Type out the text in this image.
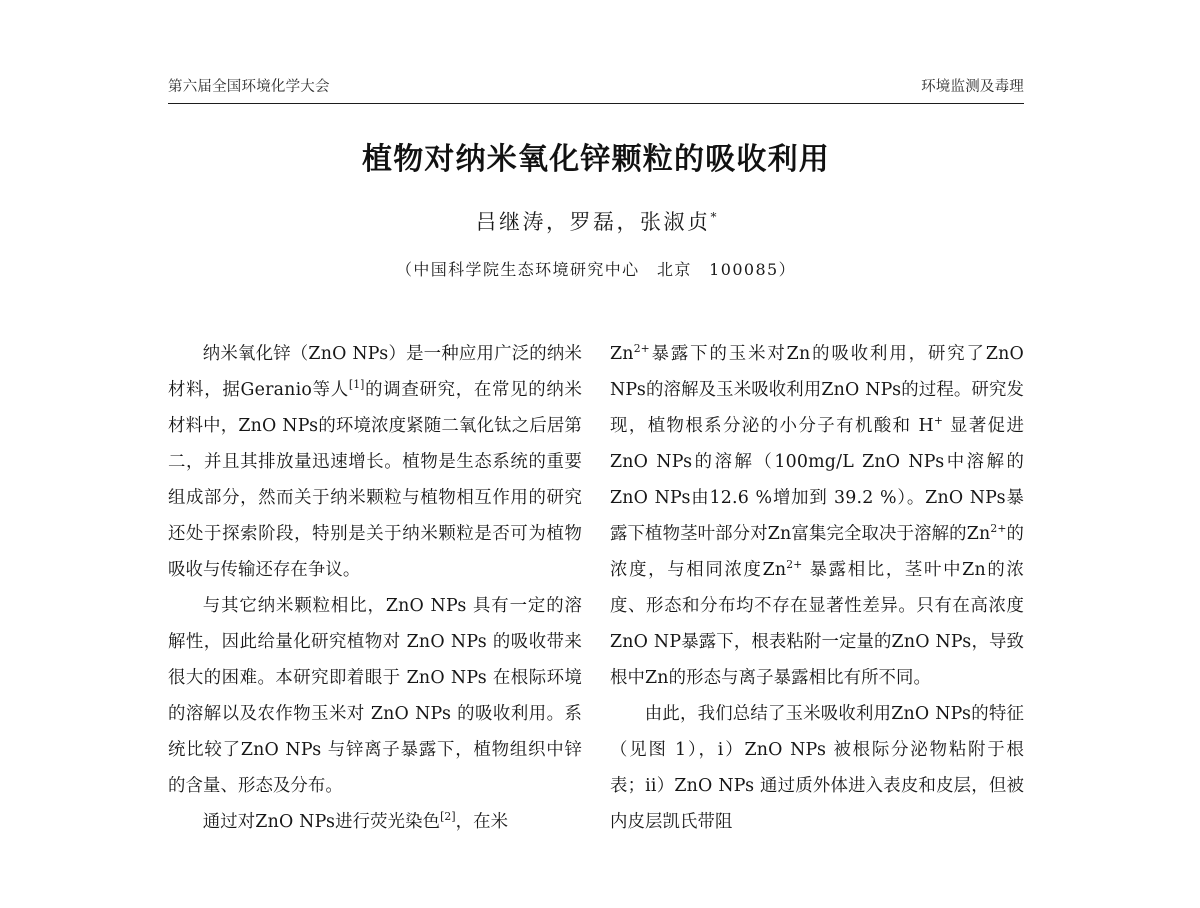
第六届全国环境化学大会	环境监测及毒理
植物对纳米氧化锌颗粒的吸收利用
吕继涛，罗磊，张淑贞*
（中国科学院生态环境研究中心　北京　100085）

纳米氧化锌（ZnO NPs）是一种应用广泛的纳米材料，据Geranio等人[1]的调查研究，在常见的纳米材料中，ZnO NPs的环境浓度紧随二氧化钛之后居第二，并且其排放量迅速增长。植物是生态系统的重要组成部分，然而关于纳米颗粒与植物相互作用的研究还处于探索阶段，特别是关于纳米颗粒是否可为植物吸收与传输还存在争议。

与其它纳米颗粒相比，ZnO NPs 具有一定的溶解性，因此给量化研究植物对 ZnO NPs 的吸收带来很大的困难。本研究即着眼于 ZnO NPs 在根际环境的溶解以及农作物玉米对 ZnO NPs 的吸收利用。系统比较了ZnO NPs 与锌离子暴露下，植物组织中锌的含量、形态及分布。

通过对ZnO NPs进行荧光染色[2]，在米

$Zn^{2+}$暴露下的玉米对Zn的吸收利用，研究了ZnO NPs的溶解及玉米吸收利用ZnO NPs的过程。研究发现，植物根系分泌的小分子有机酸和 H+ 显著促进ZnO NPs的溶解（100mg/L ZnO NPs中溶解的ZnO NPs由12.6 %增加到 39.2 %）。ZnO NPs暴露下植物茎叶部分对Zn富集完全取决于溶解的$Zn^{2+}$的浓度，与相同浓度$Zn^{2+}$ 暴露相比，茎叶中Zn的浓度、形态和分布均不存在显著性差异。只有在高浓度ZnO NP暴露下，根表粘附一定量的ZnO NPs，导致根中Zn的形态与离子暴露相比有所不同。

由此，我们总结了玉米吸收利用ZnO NPs的特征（见图 1），i）ZnO NPs 被根际分泌物粘附于根表；ii）ZnO NPs 通过质外体进入表皮和皮层，但被内皮层凯氏带阻
